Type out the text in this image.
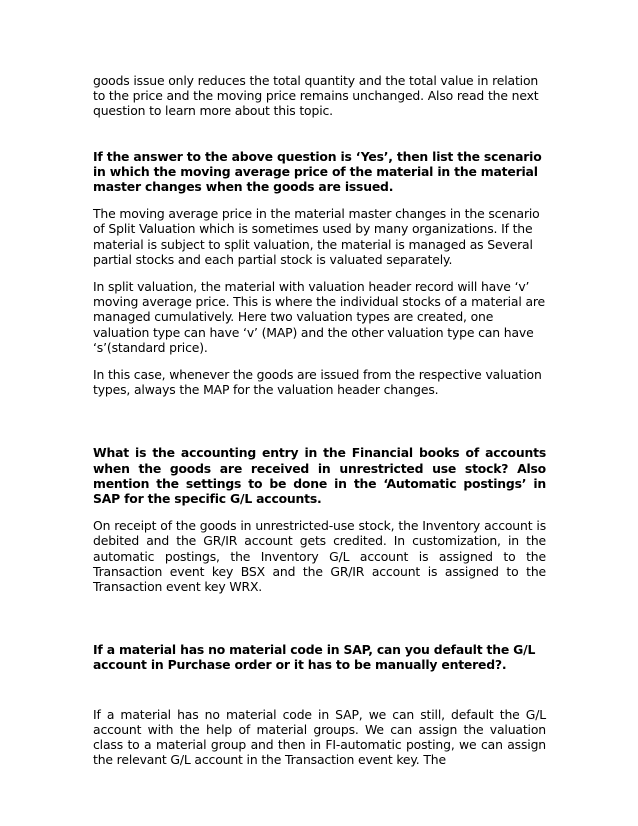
goods issue only reduces the total quantity and the total value in relation to the price and the moving price remains unchanged. Also read the next question to learn more about this topic.

If the answer to the above question is ‘Yes’, then list the scenario in which the moving average price of the material in the material master changes when the goods are issued.

The moving average price in the material master changes in the scenario of Split Valuation which is sometimes used by many organizations. If the material is subject to split valuation, the material is managed as Several partial stocks and each partial stock is valuated separately.

In split valuation, the material with valuation header record will have ‘v’ moving average price. This is where the individual stocks of a material are managed cumulatively. Here two valuation types are created, one valuation type can have ‘v’ (MAP) and the other valuation type can have ‘s’(standard price).

In this case, whenever the goods are issued from the respective valuation types, always the MAP for the valuation header changes.

What is the accounting entry in the Financial books of accounts when the goods are received in unrestricted use stock? Also mention the settings to be done in the ‘Automatic postings’ in SAP for the specific G/L accounts.

On receipt of the goods in unrestricted-use stock, the Inventory account is debited and the GR/IR account gets credited. In customization, in the automatic postings, the Inventory G/L account is assigned to the Transaction event key BSX and the GR/IR account is assigned to the Transaction event key WRX.

If a material has no material code in SAP, can you default the G/L account in Purchase order or it has to be manually entered?.

If a material has no material code in SAP, we can still, default the G/L account with the help of material groups. We can assign the valuation class to a material group and then in FI-automatic posting, we can assign the relevant G/L account in the Transaction event key. The
